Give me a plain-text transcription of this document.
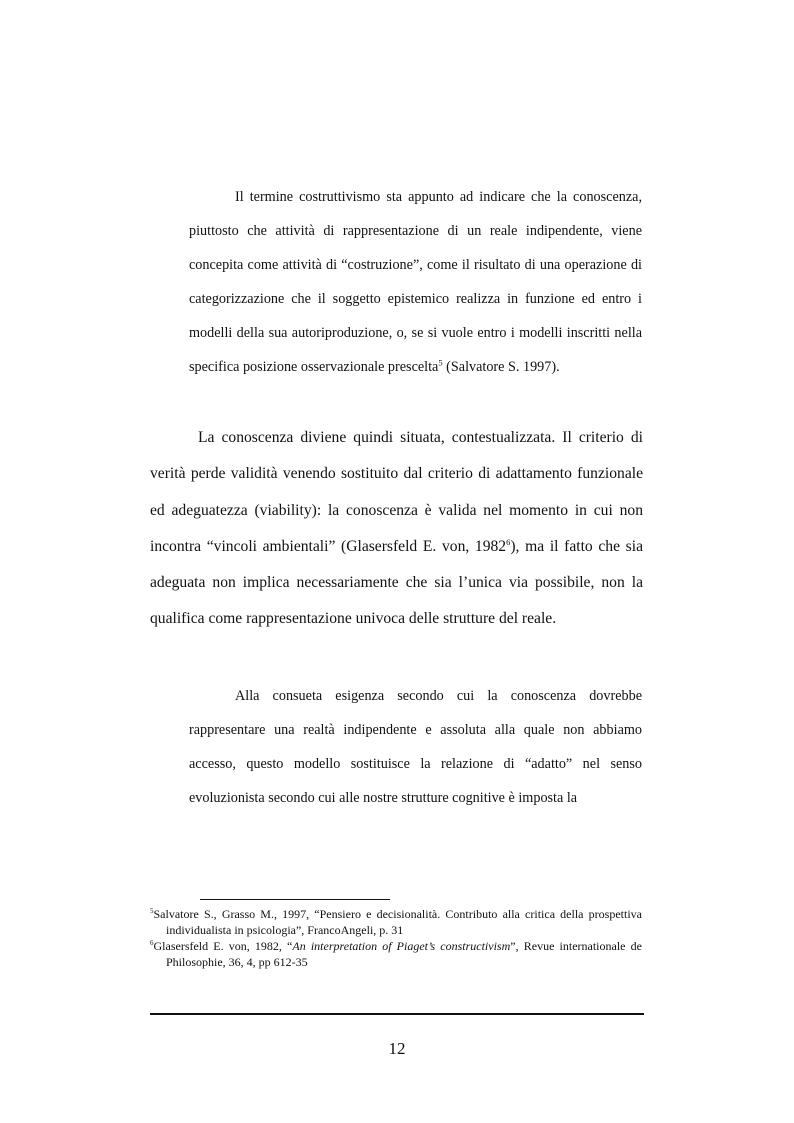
Il termine costruttivismo sta appunto ad indicare che la conoscenza, piuttosto che attività di rappresentazione di un reale indipendente, viene concepita come attività di “costruzione”, come il risultato di una operazione di categorizzazione che il soggetto epistemico realizza in funzione ed entro i modelli della sua autoriproduzione, o, se si vuole entro i modelli inscritti nella specifica posizione osservazionale prescelta$^5$ (Salvatore S. 1997).

La conoscenza diviene quindi situata, contestualizzata. Il criterio di verità perde validità venendo sostituito dal criterio di adattamento funzionale ed adeguatezza (viability): la conoscenza è valida nel momento in cui non incontra “vincoli ambientali” (Glasersfeld E. von, 1982$^6$), ma il fatto che sia adeguata non implica necessariamente che sia l’unica via possibile, non la qualifica come rappresentazione univoca delle strutture del reale.

Alla consueta esigenza secondo cui la conoscenza dovrebbe rappresentare una realtà indipendente e assoluta alla quale non abbiamo accesso, questo modello sostituisce la relazione di “adatto” nel senso evoluzionista secondo cui alle nostre strutture cognitive è imposta la

$^5$Salvatore S., Grasso M., 1997, “Pensiero e decisionalità. Contributo alla critica della prospettiva individualista in psicologia”, FrancoAngeli, p. 31

$^6$Glasersfeld E. von, 1982, “An interpretation of Piaget’s constructivism”, Revue internationale de Philosophie, 36, 4, pp 612-35

12
